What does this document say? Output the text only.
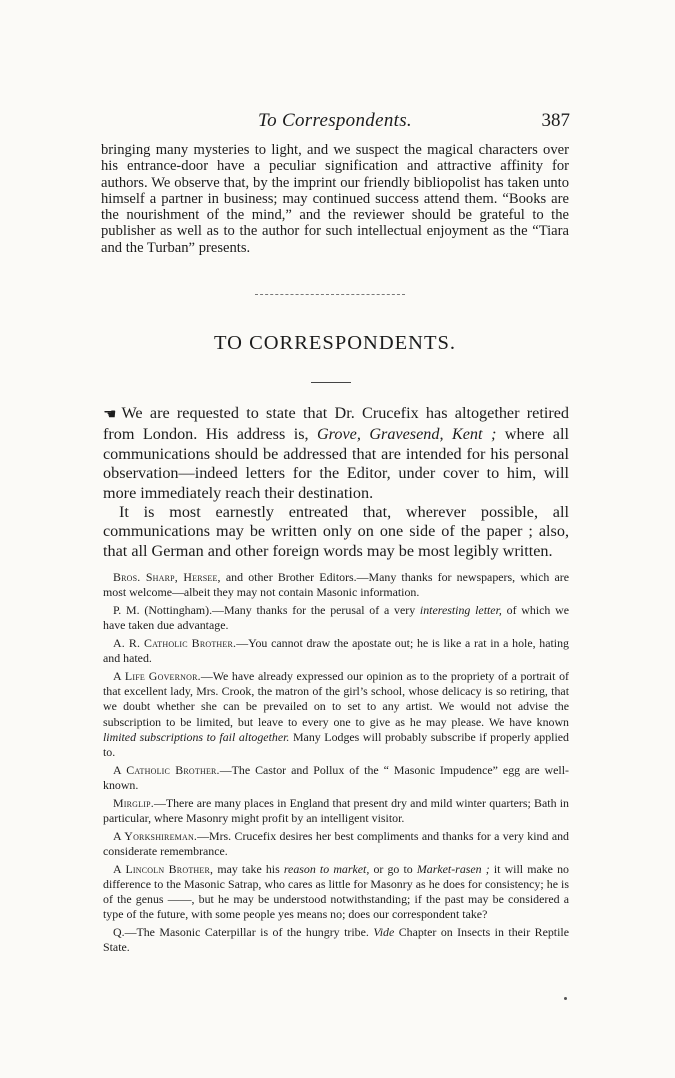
To Correspondents.	387

bringing many mysteries to light, and we suspect the magical characters over his entrance-door have a peculiar signification and attractive affinity for authors. We observe that, by the imprint our friendly bibliopolist has taken unto himself a partner in business; may continued success attend them. “Books are the nourishment of the mind,” and the reviewer should be grateful to the publisher as well as to the author for such intellectual enjoyment as the “Tiara and the Turban” presents.

TO CORRESPONDENTS.

☛ We are requested to state that Dr. Crucefix has altogether retired from London. His address is, Grove, Gravesend, Kent ; where all communications should be addressed that are intended for his personal observation—indeed letters for the Editor, under cover to him, will more immediately reach their destination.

It is most earnestly entreated that, wherever possible, all communications may be written only on one side of the paper ; also, that all German and other foreign words may be most legibly written.

Bros. Sharp, Hersee, and other Brother Editors.—Many thanks for newspapers, which are most welcome—albeit they may not contain Masonic information.

P. M. (Nottingham).—Many thanks for the perusal of a very interesting letter, of which we have taken due advantage.

A. R. Catholic Brother.—You cannot draw the apostate out; he is like a rat in a hole, hating and hated.

A Life Governor.—We have already expressed our opinion as to the propriety of a portrait of that excellent lady, Mrs. Crook, the matron of the girl’s school, whose delicacy is so retiring, that we doubt whether she can be prevailed on to set to any artist. We would not advise the subscription to be limited, but leave to every one to give as he may please. We have known limited subscriptions to fail altogether. Many Lodges will probably subscribe if properly applied to.

A Catholic Brother.—The Castor and Pollux of the “ Masonic Impudence” egg are well-known.

Mirglip.—There are many places in England that present dry and mild winter quarters; Bath in particular, where Masonry might profit by an intelligent visitor.

A Yorkshireman.—Mrs. Crucefix desires her best compliments and thanks for a very kind and considerate remembrance.

A Lincoln Brother, may take his reason to market, or go to Market-rasen ; it will make no difference to the Masonic Satrap, who cares as little for Masonry as he does for consistency; he is of the genus ——, but he may be understood notwithstanding; if the past may be considered a type of the future, with some people yes means no; does our correspondent take?

Q.—The Masonic Caterpillar is of the hungry tribe. Vide Chapter on Insects in their Reptile State.
